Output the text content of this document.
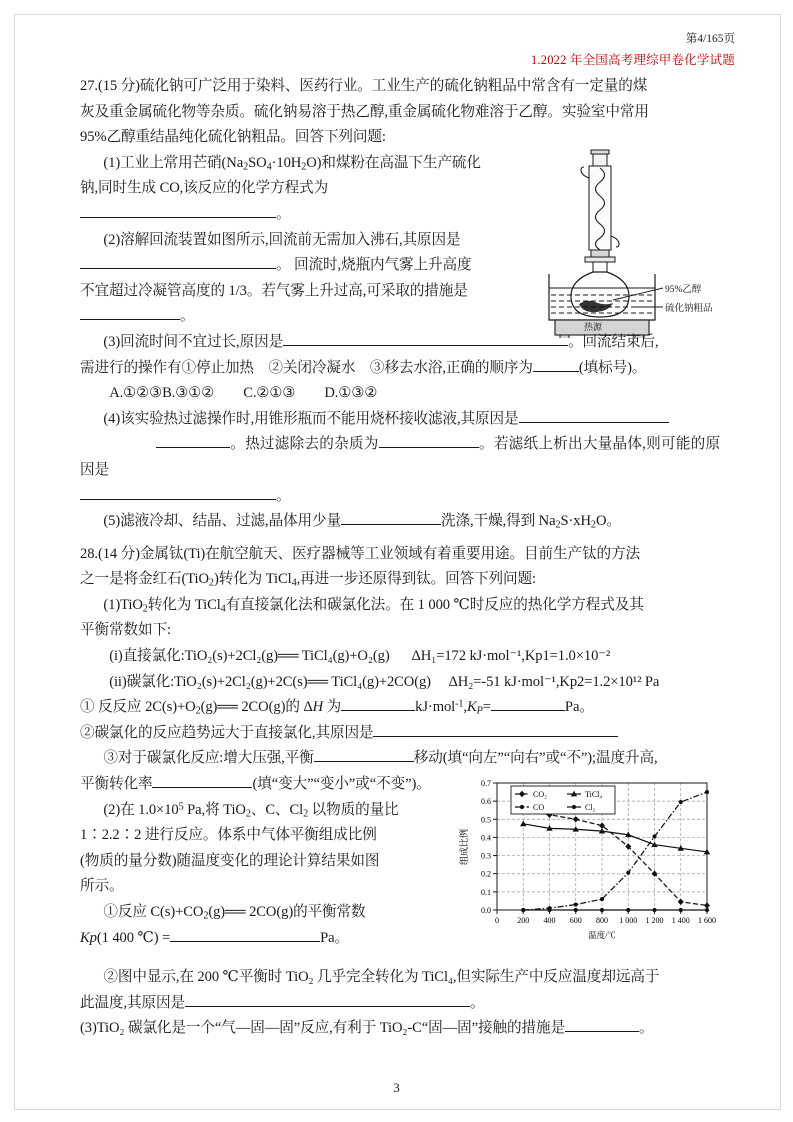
第4/165页
1.2022 年全国高考理综甲卷化学试题
95%乙醇
硫化钠粗品
热源

27.(15 分)硫化钠可广泛用于染料、医药行业。工业生产的硫化钠粗品中常含有一定量的煤

灰及重金属硫化物等杂质。硫化钠易溶于热乙醇,重金属硫化物难溶于乙醇。实验室中常用

95%乙醇重结晶纯化硫化钠粗品。回答下列问题:

(1)工业上常用芒硝$(Na_2SO_4\cdot 10H_2O)$和煤粉在高温下生产硫化

钠,同时生成 CO,该反应的化学方程式为

。

(2)溶解回流装置如图所示,回流前无需加入沸石,其原因是

。 回流时,烧瓶内气雾上升高度

不宜超过冷凝管高度的 1/3。若气雾上升过高,可采取的措施是

。

(3)回流时间不宜过长,原因是	。回流结束后,

需进行的操作有①停止加热　②关闭冷凝水　③移去水浴,正确的顺序为	(填标号)。

A.①②③B.③①②　　C.②①③　　D.①③②

(4)该实验热过滤操作时,用锥形瓶而不能用烧杯接收滤液,其原因是

。热过滤除去的杂质为	。若滤纸上析出大量晶体,则可能的原因是

。

(5)滤液冷却、结晶、过滤,晶体用少量	洗涤,干燥,得到 $Na_2S\cdot xH_2O$。

28.(14 分)金属钛(Ti)在航空航天、医疗器械等工业领域有着重要用途。目前生产钛的方法

之一是将金红石(TiO$_2$)转化为 TiCl$_4$,再进一步还原得到钛。回答下列问题:

(1)TiO$_2$转化为 TiCl$_4$有直接氯化法和碳氯化法。在 1 000 ℃时反应的热化学方程式及其

平衡常数如下:

(i)直接氯化:TiO₂(s)+2Cl₂(g)══ TiCl₄(g)+O₂(g) ΔH₁=172 kJ·mol⁻¹,Kp1=1.0×10⁻²

(ii)碳氯化:TiO₂(s)+2Cl₂(g)+2C(s)══ TiCl₄(g)+2CO(g) ΔH₂=-51 kJ·mol⁻¹,Kp2=1.2×10¹² Pa

① 反反应 $2C(s)+O_2(g)══$ 2CO(g)的 ΔH 为	$kJ\cdot mol^{-1},K_P=$	Pa。

②碳氯化的反应趋势远大于直接氯化,其原因是

③对于碳氯化反应:增大压强,平衡	移动(填“向左”“向右”或“不”);温度升高,

平衡转化率	(填“变大”“变小”或“不变”)。

(2)在 $1.0\times 10^5$ Pa,将 TiO$_2$、C、$Cl_2$ 以物质的量比

1∶2.2∶2 进行反应。体系中气体平衡组成比例

(物质的量分数)随温度变化的理论计算结果如图

所示。

①反应 $C(s)+CO_2(g)══$ 2CO(g)的平衡常数

Kp(1 400 ℃) =	Pa。

②图中显示,在 200 ℃平衡时 TiO₂ 几乎完全转化为 TiCl₄,但实际生产中反应温度却远高于

此温度,其原因是	。

(3)TiO₂ 碳氯化是一个“气—固—固”反应,有利于 TiO₂-C“固—固”接触的措施是	。

0 200 400 600 800 1 000 1 200 1 400 1 600
0.0
0.1
0.2
0.3
0.4
0.5
0.6
0.7
CO₂	TiCl₄
CO	Cl₂
温度/℃
组成比例
3
